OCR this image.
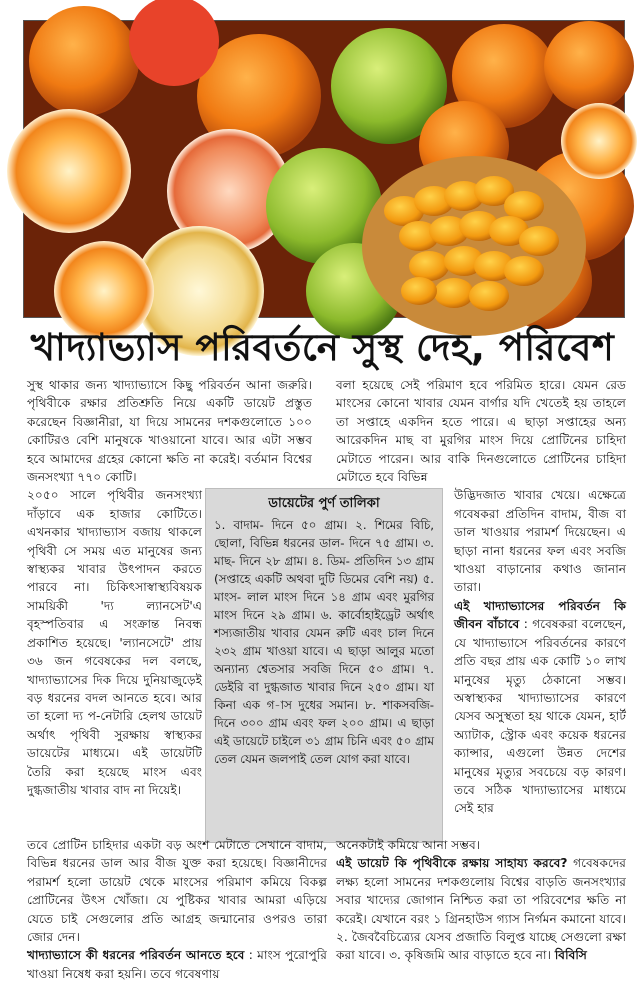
খাদ্যাভ্যাস পরিবর্তনে সুস্থ দেহ, পরিবেশ

সুস্থ থাকার জন্য খাদ্যাভ্যাসে কিছু পরিবর্তন আনা জরুরি। পৃথিবীকে রক্ষার প্রতিশ্রুতি নিয়ে একটি ডায়েট প্রস্তুত করেছেন বিজ্ঞানীরা, যা দিয়ে সামনের দশকগুলোতে ১০০ কোটিরও বেশি মানুষকে খাওয়ানো যাবে। আর এটা সম্ভব হবে আমাদের গ্রহের কোনো ক্ষতি না করেই। বর্তমান বিশ্বের জনসংখ্যা ৭৭০ কোটি।

২০৫০ সালে পৃথিবীর জনসংখ্যা দাঁড়াবে এক হাজার কোটিতে। এখনকার খাদ্যাভ্যাস বজায় থাকলে পৃথিবী সে সময় এত মানুষের জন্য স্বাস্থ্যকর খাবার উৎপাদন করতে পারবে না। চিকিৎসাস্বাস্থ্যবিষয়ক সাময়িকী 'দ্য ল্যানসেট'এ বৃহস্পতিবার এ সংক্রান্ত নিবন্ধ প্রকাশিত হয়েছে। 'ল্যানসেটে' প্রায় ৩৬ জন গবেষকের দল বলছে, খাদ্যাভ্যাসের দিক দিয়ে দুনিয়াজুড়েই বড় ধরনের বদল আনতে হবে। আর তা হলো দ্য প-নেটারি হেলথ ডায়েট অর্থাৎ পৃথিবী সুরক্ষায় স্বাস্থ্যকর ডায়েটের মাধ্যমে। এই ডায়েটটি তৈরি করা হয়েছে মাংস এবং দুগ্ধজাতীয় খাবার বাদ না দিয়েই।

ডায়েটের পুর্ণ তালিকা

১. বাদাম- দিনে ৫০ গ্রাম। ২. শিমের বিচি, ছোলা, বিভিন্ন ধরনের ডাল- দিনে ৭৫ গ্রাম। ৩. মাছ- দিনে ২৮ গ্রাম। ৪. ডিম- প্রতিদিন ১৩ গ্রাম (সপ্তাহে একটি অথবা দুটি ডিমের বেশি নয়) ৫. মাংস- লাল মাংস দিনে ১৪ গ্রাম এবং মুরগির মাংস দিনে ২৯ গ্রাম। ৬. কার্বোহাইড্রেট অর্থাৎ শস্যজাতীয় খাবার যেমন রুটি এবং চাল দিনে ২৩২ গ্রাম খাওয়া যাবে। এ ছাড়া আলুর মতো অন্যান্য শ্বেতসার সবজি দিনে ৫০ গ্রাম। ৭. ডেইরি বা দুগ্ধজাত খাবার দিনে ২৫০ গ্রাম। যা কিনা এক গ-াস দুধের সমান। ৮. শাকসবজি- দিনে ৩০০ গ্রাম এবং ফল ২০০ গ্রাম। এ ছাড়া এই ডায়েটে চাইলে ৩১ গ্রাম চিনি এবং ৫০ গ্রাম তেল যেমন জলপাই তেল যোগ করা যাবে।

বলা হয়েছে সেই পরিমাণ হবে পরিমিত হারে। যেমন রেড মাংসের কোনো খাবার যেমন বার্গার যদি খেতেই হয় তাহলে তা সপ্তাহে একদিন হতে পারে। এ ছাড়া সপ্তাহের অন্য আরেকদিন মাছ বা মুরগির মাংস দিয়ে প্রোটিনের চাহিদা মেটাতে পারেন। আর বাকি দিনগুলোতে প্রোটিনের চাহিদা মেটাতে হবে বিভিন্ন

উদ্ভিদজাত খাবার খেয়ে। এক্ষেত্রে গবেষকরা প্রতিদিন বাদাম, বীজ বা ডাল খাওয়ার পরামর্শ দিয়েছেন। এ ছাড়া নানা ধরনের ফল এবং সবজি খাওয়া বাড়ানোর কথাও জানান তারা।

এই খাদ্যাভ্যাসের পরিবর্তন কি জীবন বাঁচাবে : গবেষকরা বলেছেন, যে খাদ্যাভ্যাসে পরিবর্তনের কারণে প্রতি বছর প্রায় এক কোটি ১০ লাখ মানুষের মৃত্যু ঠেকানো সম্ভব। অস্বাস্থ্যকর খাদ্যাভ্যাসের কারণে যেসব অসুস্থতা হয় থাকে যেমন, হার্ট অ্যাটাক, স্ট্রোক এবং কয়েক ধরনের ক্যান্সার, এগুলো উন্নত দেশের মানুষের মৃত্যুর সবচেয়ে বড় কারণ। তবে সঠিক খাদ্যাভ্যাসের মাধ্যমে সেই হার

তবে প্রোটিন চাহিদার একটা বড় অংশ মেটাতে সেখানে বাদাম, বিভিন্ন ধরনের ডাল আর বীজ যুক্ত করা হয়েছে। বিজ্ঞানীদের পরামর্শ হলো ডায়েট থেকে মাংসের পরিমাণ কমিয়ে বিকল্প প্রোটিনের উৎস খোঁজা। যে পুষ্টিকর খাবার আমরা এড়িয়ে যেতে চাই সেগুলোর প্রতি আগ্রহ জন্মানোর ওপরও তারা জোর দেন।

খাদ্যাভ্যাসে কী ধরনের পরিবর্তন আনতে হবে : মাংস পুরোপুরি খাওয়া নিষেধ করা হয়নি। তবে গবেষণায়

অনেকটাই কমিয়ে আনা সম্ভব।

এই ডায়েট কি পৃথিবীকে রক্ষায় সাহায্য করবে? গবেষকদের লক্ষ্য হলো সামনের দশকগুলোয় বিশ্বের বাড়তি জনসংখ্যার সবার খাদ্যের জোগান নিশ্চিত করা তা পরিবেশের ক্ষতি না করেই। যেখানে বরং ১ গ্রিনহাউস গ্যাস নির্গমন কমানো যাবে। ২. জৈববৈচিত্র্যের যেসব প্রজাতি বিলুপ্ত যাচ্ছে সেগুলো রক্ষা করা যাবে। ৩. কৃষিজমি আর বাড়াতে হবে না। বিবিসি
